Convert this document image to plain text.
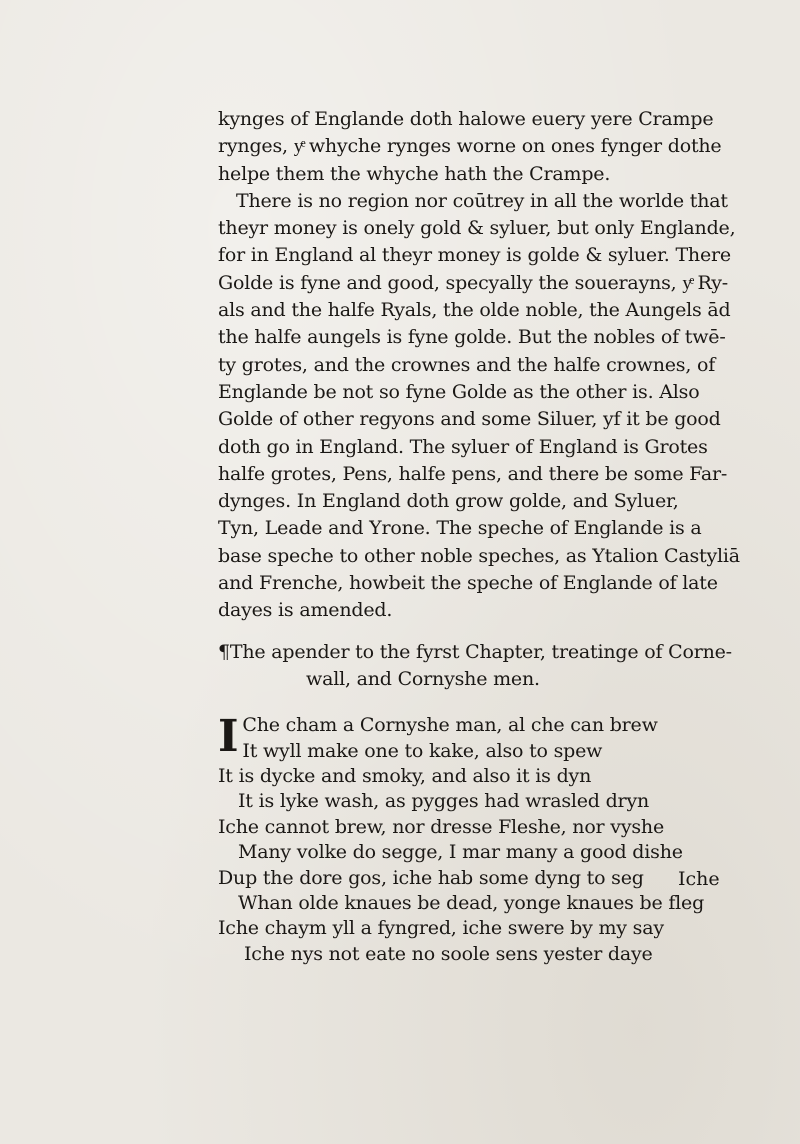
kynges of Englande doth halowe euery yere Crampe
rynges, yͤ whyche rynges worne on ones fynger dothe
helpe them the whyche hath the Crampe.
There is no region nor coūtrey in all the worlde that
theyr money is onely gold & syluer, but only Englande,
for in England al theyr money is golde & syluer. There
Golde is fyne and good, specyally the souerayns, yͤ Ry-
als and the halfe Ryals, the olde noble, the Aungels ād
the halfe aungels is fyne golde. But the nobles of twē-
ty grotes, and the crownes and the halfe crownes, of
Englande be not so fyne Golde as the other is. Also
Golde of other regyons and some Siluer, yf it be good
doth go in England. The syluer of England is Grotes
halfe grotes, Pens, halfe pens, and there be some Far-
dynges. In England doth grow golde, and Syluer,
Tyn, Leade and Yrone. The speche of Englande is a
base speche to other noble speches, as Ytalion Castyliā
and Frenche, howbeit the speche of Englande of late
dayes is amended.
¶The apender to the fyrst Chapter, treatinge of Corne-
wall, and Cornyshe men.
I Che cham a Cornyshe man, al che can brew
It wyll make one to kake, also to spew
It is dycke and smoky, and also it is dyn
It is lyke wash, as pygges had wrasled dryn
Iche cannot brew, nor dresse Fleshe, nor vyshe
Many volke do segge, I mar many a good dishe
Dup the dore gos, iche hab some dyng to seg
Whan olde knaues be dead, yonge knaues be fleg
Iche chaym yll a fyngred, iche swere by my say
Iche nys not eate no soole sens yester daye
Iche
